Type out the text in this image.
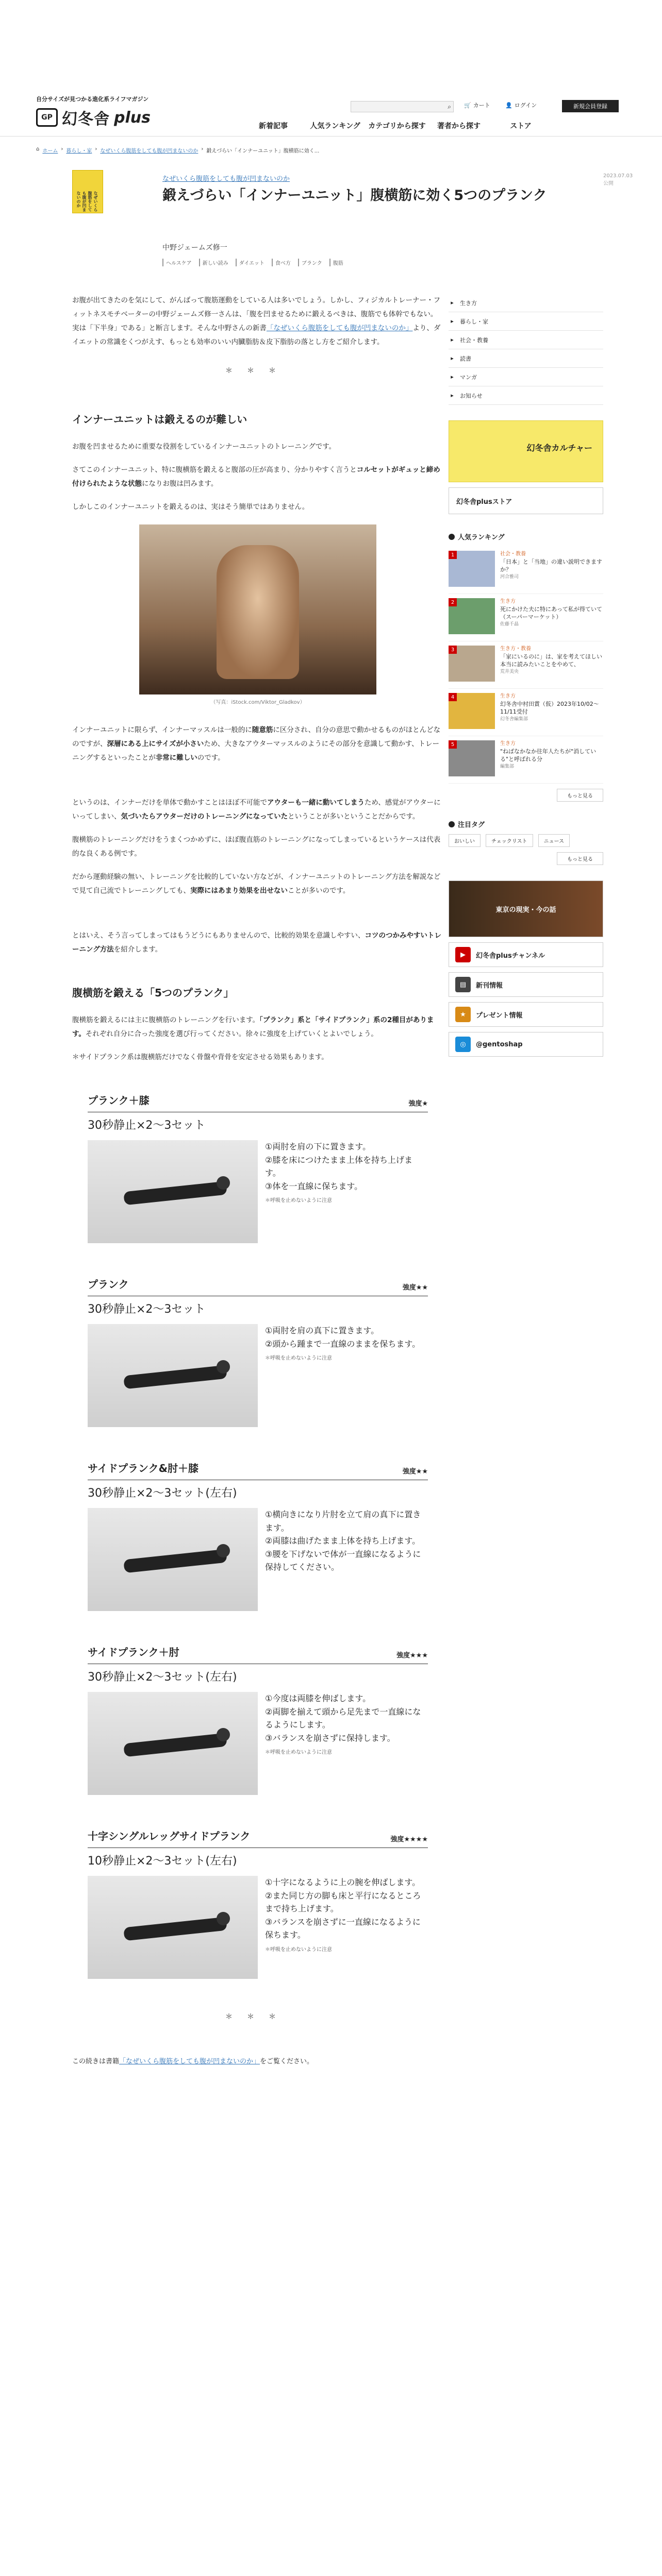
自分サイズが見つかる進化系ライフマガジン
GP 幻冬舎 plus
⌕ 🛒 カート	👤 ログイン	新規会員登録
新着記事	人気ランキング	カテゴリから探す	著者から探す	ストア
⌂ ホーム › 暮らし・家 › なぜいくら腹筋をしても腹が凹まないのか › 鍛えづらい「インナーユニット」腹横筋に効く...
なぜいくら腹筋をしても腹が凹まないのか
なぜいくら腹筋をしても腹が凹まないのか	2023.07.03 公開
鍛えづらい「インナーユニット」腹横筋に効く5つのプランク
中野ジェームズ修一
ヘルスケア	新しい読み	ダイエット	食べ方	ブランク	腹筋

お腹が出てきたのを気にして、がんばって腹筋運動をしている人は多いでしょう。しかし、フィジカルトレーナー・フィットネスモチベーターの中野ジェームズ修一さんは、「腹を凹ませるために鍛えるべきは、腹筋でも体幹でもない。実は「下半身」である」と断言します。そんな中野さんの新書「なぜいくら腹筋をしても腹が凹まないのか」より、ダイエットの常識をくつがえす、もっとも効率のいい内臓脂肪＆皮下脂肪の落とし方をご紹介します。

＊＊＊
インナーユニットは鍛えるのが難しい

お腹を凹ませるために重要な役割をしているインナーユニットのトレーニングです。

さてこのインナーユニット、特に腹横筋を鍛えると腹部の圧が高まり、分かりやすく言うとコルセットがギュッと締め付けられたような状態になりお腹は凹みます。

しかしこのインナーユニットを鍛えるのは、実はそう簡単ではありません。

（写真：iStock.com/Viktor_Gladkov）

インナーユニットに限らず、インナーマッスルは一般的に随意筋に区分され、自分の意思で動かせるものがほとんどなのですが、深層にある上にサイズが小さいため、大きなアウターマッスルのようにその部分を意識して動かす、トレーニングするといったことが非常に難しいのです。

というのは、インナーだけを単体で動かすことはほぼ不可能でアウターも一緒に動いてしまうため、感覚がアウターにいってしまい、気づいたらアウターだけのトレーニングになっていたということが多いということだからです。

腹横筋のトレーニングだけをうまくつかめずに、ほぼ腹直筋のトレーニングになってしまっているというケースは代表的な良くある例です。

だから運動経験の無い、トレーニングを比較的していない方などが、インナーユニットのトレーニング方法を解説などで見て自己流でトレーニングしても、実際にはあまり効果を出せないことが多いのです。

とはいえ、そう言ってしまってはもうどうにもありませんので、比較的効果を意識しやすい、コツのつかみやすいトレーニング方法を紹介します。

腹横筋を鍛える「5つのプランク」

腹横筋を鍛えるには主に腹横筋のトレーニングを行います。「プランク」系と「サイドプランク」系の2種目があります。それぞれ自分に合った強度を選び行ってください。徐々に強度を上げていくとよいでしょう。

＊サイドプランク系は腹横筋だけでなく骨盤や背骨を安定させる効果もあります。

プランク＋膝	強度★
30秒静止×2〜3セット
①両肘を肩の下に置きます。
②膝を床につけたまま上体を持ち上げます。
③体を一直線に保ちます。
＊呼吸を止めないように注意
プランク	強度★★
30秒静止×2〜3セット
①両肘を肩の真下に置きます。
②頭から踵まで一直線のままを保ちます。
＊呼吸を止めないように注意
サイドプランク&肘＋膝	強度★★
30秒静止×2〜3セット(左右)
①横向きになり片肘を立て肩の真下に置きます。
②両膝は曲げたまま上体を持ち上げます。
③腰を下げないで体が一直線になるように保持してください。
サイドプランク＋肘	強度★★★
30秒静止×2〜3セット(左右)
①今度は両膝を伸ばします。
②両脚を揃えて頭から足先まで一直線になるようにします。
③バランスを崩さずに保持します。
＊呼吸を止めないように注意
十字シングルレッグサイドプランク	強度★★★★
10秒静止×2〜3セット(左右)
①十字になるように上の腕を伸ばします。
②また同じ方の脚も床と平行になるところまで持ち上げます。
③バランスを崩さずに一直線になるように保ちます。
＊呼吸を止めないように注意
＊＊＊

この続きは書籍「なぜいくら腹筋をしても腹が凹まないのか」をご覧ください。

▸	生き方
▸	暮らし・家
▸	社会・教養
▸	読書
▸	マンガ
▸	お知らせ
幻冬舎カルチャー
幻冬舎plusストア
人気ランキング
1	社会・教養
「日本」と「当地」の違い説明できますか？
河合雅司
2	生き方
死にかけた夫に特にあって私が得ていて（スーパーマーケット）
佐藤千晶
3	生き方・教養
「家にいるのに」は、家を考えてほしい本当に読みたいことをやめて、
荒井美央
4	生き方
幻冬舎中村田賞（仮）2023年10/02～11/11受付
幻冬舎編集部
5	生き方
"ねばなかなか往年人たちが"消している"と呼ばれる分
編集部
もっと見る
注目タグ
おいしい	チェックリスト	ニュース
もっと見る
東京の現実・今の話
▶	幻冬舎plusチャンネル
▤	新刊情報
★	プレゼント情報
◎	@gentoshap
